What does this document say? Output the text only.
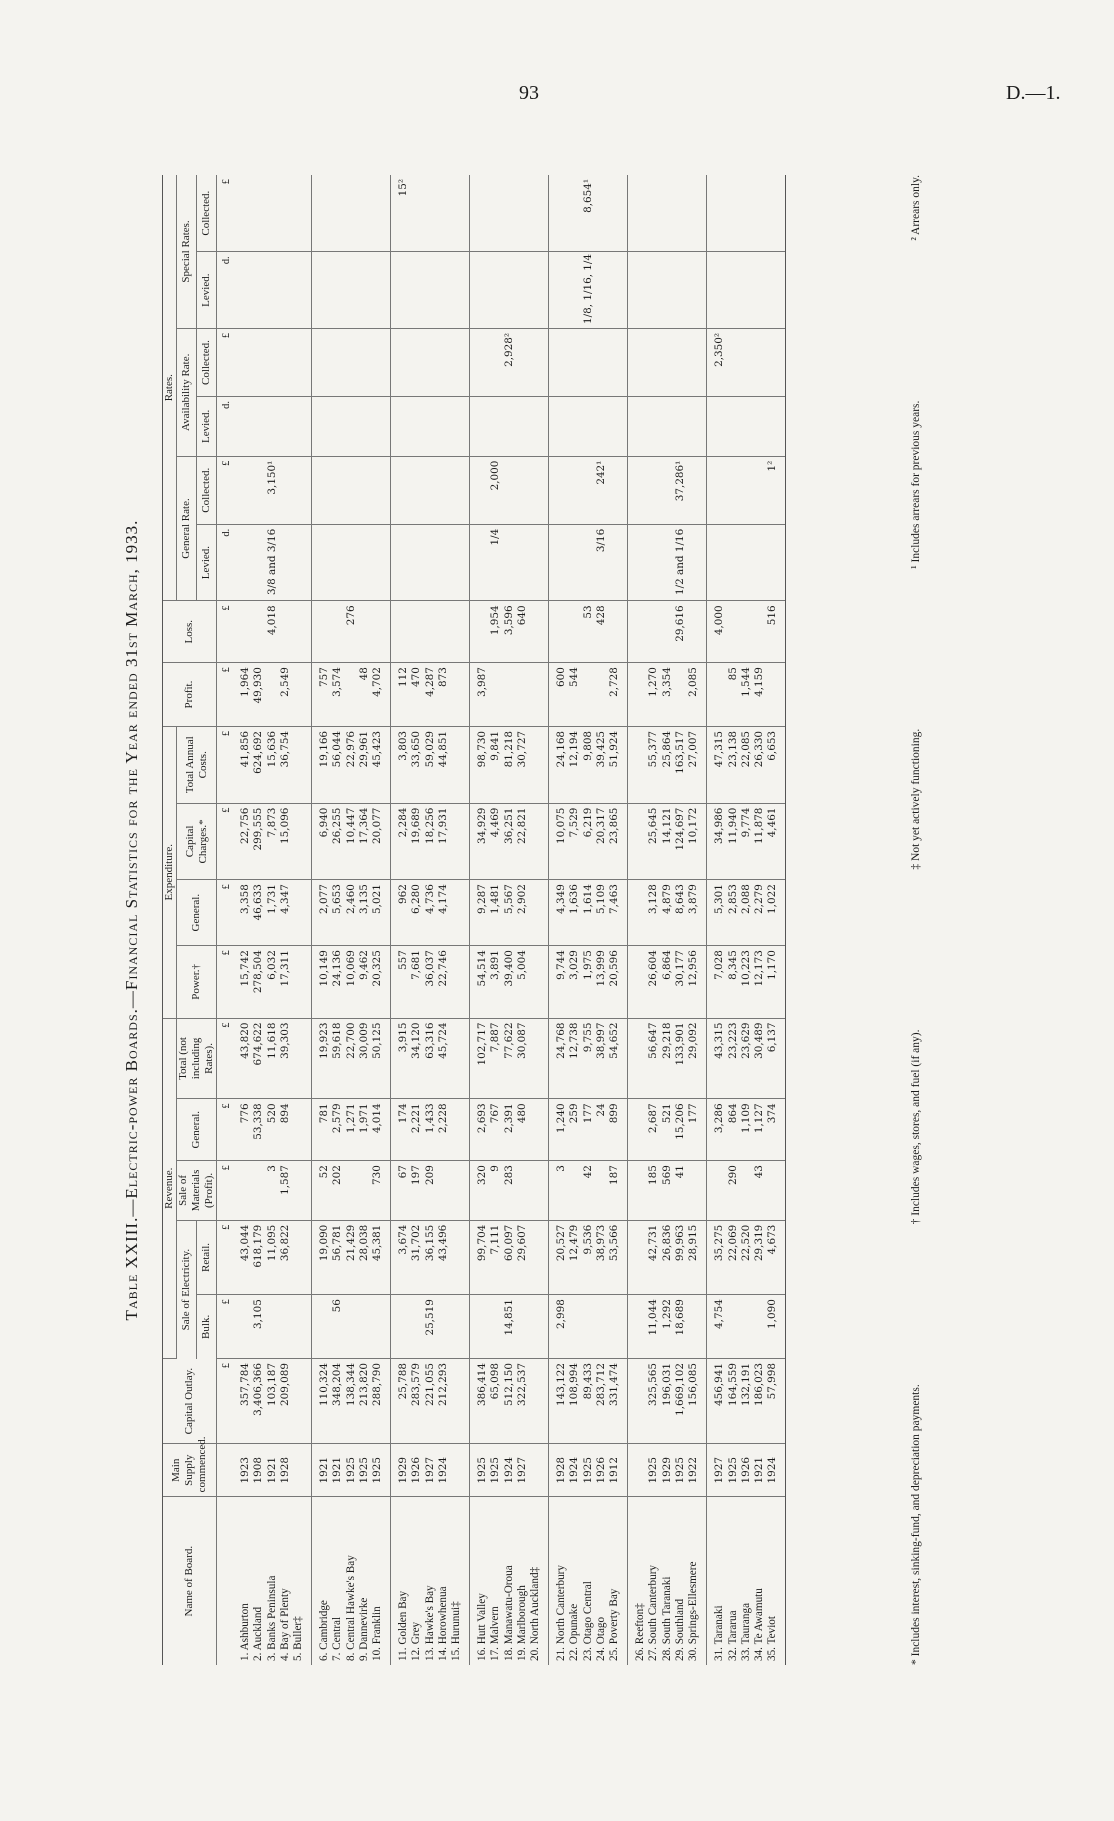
93	D.—1.
Table XXIII.—Electric-power Boards.—Financial Statistics for the Year ended 31st March, 1933.
Name of Board.	Main Supply commenced.	Capital Outlay.	Revenue.					Expenditure.				Profit.	Loss.	Rates.					
			Sale of Electricity.		Sale of Materials (Profit).	General.	Total (not including Rates).	Power.†	General.	Capital Charges.*	Total Annual Costs.			General Rate.		Availability Rate.		Special Rates.	
			Bulk.	Retail.										Levied.	Collected.	Levied.	Collected.	Levied.	Collected.
		£	£	£	£	£	£	£	£	£	£	£	£	d.	£	d.	£	d.	£
1. Ashburton	1923	357,784		43,044		776	43,820	15,742	3,358	22,756	41,856	1,964							
2. Auckland	1908	3,406,366	3,105	618,179		53,338	674,622	278,504	46,633	299,555	624,692	49,930							
3. Banks Peninsula	1921	103,187		11,095	3	520	11,618	6,032	1,731	7,873	15,636		4,018	3/8 and 3/16	3,150¹				
4. Bay of Plenty	1928	209,089		36,822	1,587	894	39,303	17,311	4,347	15,096	36,754	2,549							
5. Buller‡																			
6. Cambridge	1921	110,324		19,090	52	781	19,923	10,149	2,077	6,940	19,166	757							
7. Central	1921	348,204	56	56,781	202	2,579	59,618	24,136	5,653	26,255	56,044	3,574							
8. Central Hawke's Bay	1925	138,344		21,429		1,271	22,700	10,069	2,460	10,447	22,976		276						
9. Dannevirke	1925	213,820		28,038		1,971	30,009	9,462	3,135	17,364	29,961	48							
10. Franklin	1925	288,790		45,381	730	4,014	50,125	20,325	5,021	20,077	45,423	4,702							
11. Golden Bay	1929	25,788		3,674	67	174	3,915	557	962	2,284	3,803	112							15²
12. Grey	1926	283,579		31,702	197	2,221	34,120	7,681	6,280	19,689	33,650	470							
13. Hawke's Bay	1927	221,055	25,519	36,155	209	1,433	63,316	36,037	4,736	18,256	59,029	4,287							
14. Horowhenua	1924	212,293		43,496		2,228	45,724	22,746	4,174	17,931	44,851	873							
15. Hurunui‡																			
16. Hutt Valley	1925	386,414		99,704	320	2,693	102,717	54,514	9,287	34,929	98,730	3,987							
17. Malvern	1925	65,098		7,111	9	767	7,887	3,891	1,481	4,469	9,841		1,954	1/4	2,000				
18. Manawatu-Oroua	1924	512,150	14,851	60,097	283	2,391	77,622	39,400	5,567	36,251	81,218		3,596				2,928²		
19. Marlborough	1927	322,537		29,607		480	30,087	5,004	2,902	22,821	30,727		640						
20. North Auckland‡																			
21. North Canterbury	1928	143,122	2,998	20,527	3	1,240	24,768	9,744	4,349	10,075	24,168	600							
22. Opunake	1924	108,994		12,479		259	12,738	3,029	1,636	7,529	12,194	544							
23. Otago Central	1925	89,433		9,536	42	177	9,755	1,975	1,614	6,219	9,808		53					1/8, 1/16, 1/4	8,654¹
24. Otago	1926	283,712		38,973		24	38,997	13,999	5,109	20,317	39,425		428	3/16	242¹				
25. Poverty Bay	1912	331,474		53,566	187	899	54,652	20,596	7,463	23,865	51,924	2,728							
26. Reefton‡																			
27. South Canterbury	1925	325,565	11,044	42,731	185	2,687	56,647	26,604	3,128	25,645	55,377	1,270							
28. South Taranaki	1929	196,031	1,292	26,836	569	521	29,218	6,864	4,879	14,121	25,864	3,354							
29. Southland	1925	1,669,102	18,689	99,963	41	15,206	133,901	30,177	8,643	124,697	163,517		29,616	1/2 and 1/16	37,286¹				
30. Springs-Ellesmere	1922	156,085		28,915		177	29,092	12,956	3,879	10,172	27,007	2,085							
31. Taranaki	1927	456,941	4,754	35,275		3,286	43,315	7,028	5,301	34,986	47,315		4,000				2,350²		
32. Tararua	1925	164,559		22,069	290	864	23,223	8,345	2,853	11,940	23,138	85							
33. Tauranga	1926	132,191		22,520		1,109	23,629	10,223	2,088	9,774	22,085	1,544							
34. Te Awamutu	1921	186,023		29,319	43	1,127	30,489	12,173	2,279	11,878	26,330	4,159							
35. Teviot	1924	57,998	1,090	4,673		374	6,137	1,170	1,022	4,461	6,653		516		1²				
* Includes interest, sinking-fund, and depreciation payments.
† Includes wages, stores, and fuel (if any).
‡ Not yet actively functioning.
¹ Includes arrears for previous years.
² Arrears only.
